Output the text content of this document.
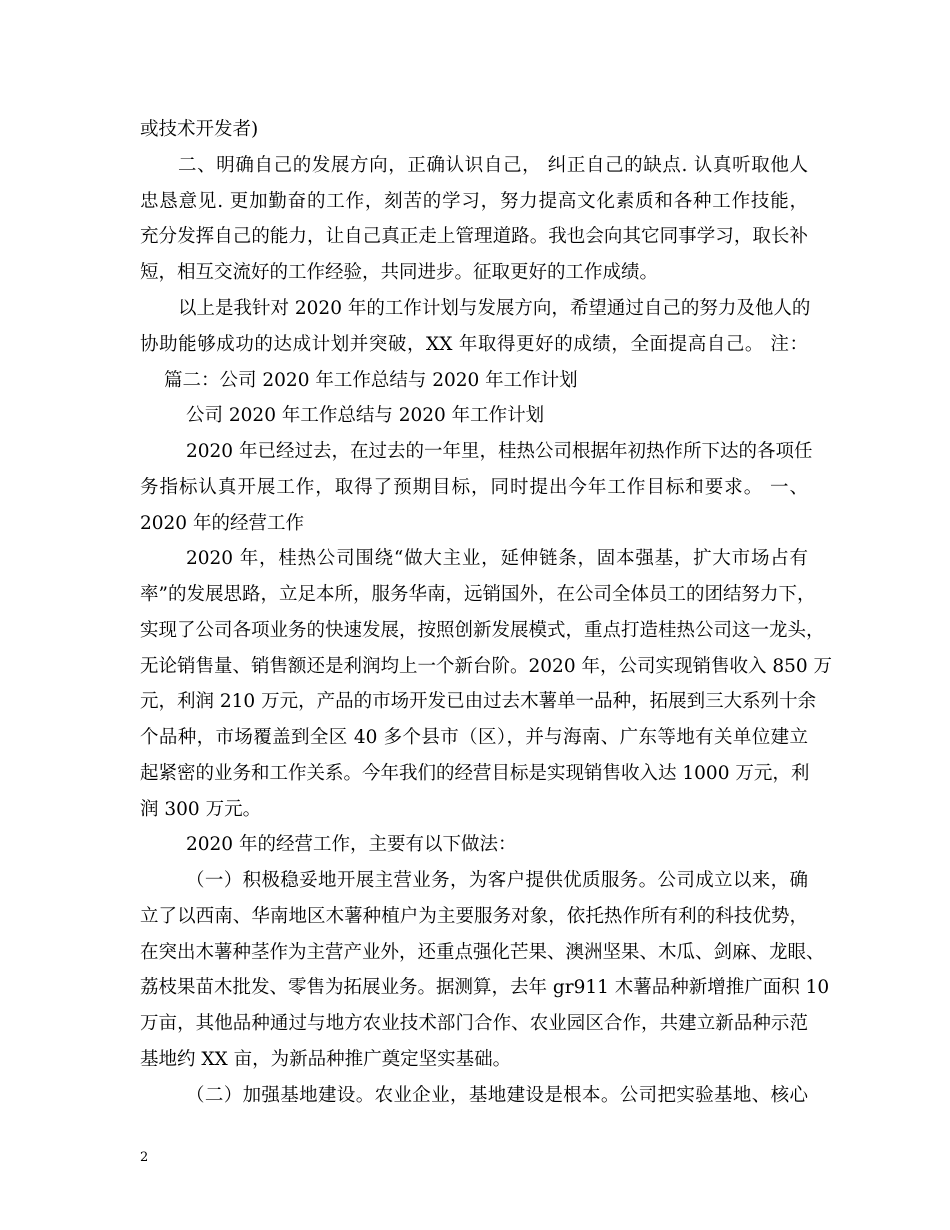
或技术开发者)
二、明确自己的发展方向，正确认识自己， 纠正自己的缺点. 认真听取他人
忠恳意见. 更加勤奋的工作，刻苦的学习，努力提高文化素质和各种工作技能，
充分发挥自己的能力，让自己真正走上管理道路。我也会向其它同事学习，取长补
短，相互交流好的工作经验，共同进步。征取更好的工作成绩。
以上是我针对 2020 年的工作计划与发展方向，希望通过自己的努力及他人的
协助能够成功的达成计划并突破，XX 年取得更好的成绩，全面提高自己。 注：
篇二：公司 2020 年工作总结与 2020 年工作计划
公司 2020 年工作总结与 2020 年工作计划
2020 年已经过去，在过去的一年里，桂热公司根据年初热作所下达的各项任
务指标认真开展工作，取得了预期目标，同时提出今年工作目标和要求。 一、
2020 年的经营工作
2020 年，桂热公司围绕“做大主业，延伸链条，固本强基，扩大市场占有
率”的发展思路，立足本所，服务华南，远销国外，在公司全体员工的团结努力下，
实现了公司各项业务的快速发展，按照创新发展模式，重点打造桂热公司这一龙头，
无论销售量、销售额还是利润均上一个新台阶。2020 年，公司实现销售收入 850 万
元，利润 210 万元，产品的市场开发已由过去木薯单一品种，拓展到三大系列十余
个品种，市场覆盖到全区 40 多个县市（区），并与海南、广东等地有关单位建立
起紧密的业务和工作关系。今年我们的经营目标是实现销售收入达 1000 万元，利
润 300 万元。
2020 年的经营工作，主要有以下做法：
（一）积极稳妥地开展主营业务，为客户提供优质服务。公司成立以来，确
立了以西南、华南地区木薯种植户为主要服务对象，依托热作所有利的科技优势，
在突出木薯种茎作为主营产业外，还重点强化芒果、澳洲坚果、木瓜、剑麻、龙眼、
荔枝果苗木批发、零售为拓展业务。据测算，去年 gr911 木薯品种新增推广面积 10
万亩，其他品种通过与地方农业技术部门合作、农业园区合作，共建立新品种示范
基地约 XX 亩，为新品种推广奠定坚实基础。
（二）加强基地建设。农业企业，基地建设是根本。公司把实验基地、核心
2
